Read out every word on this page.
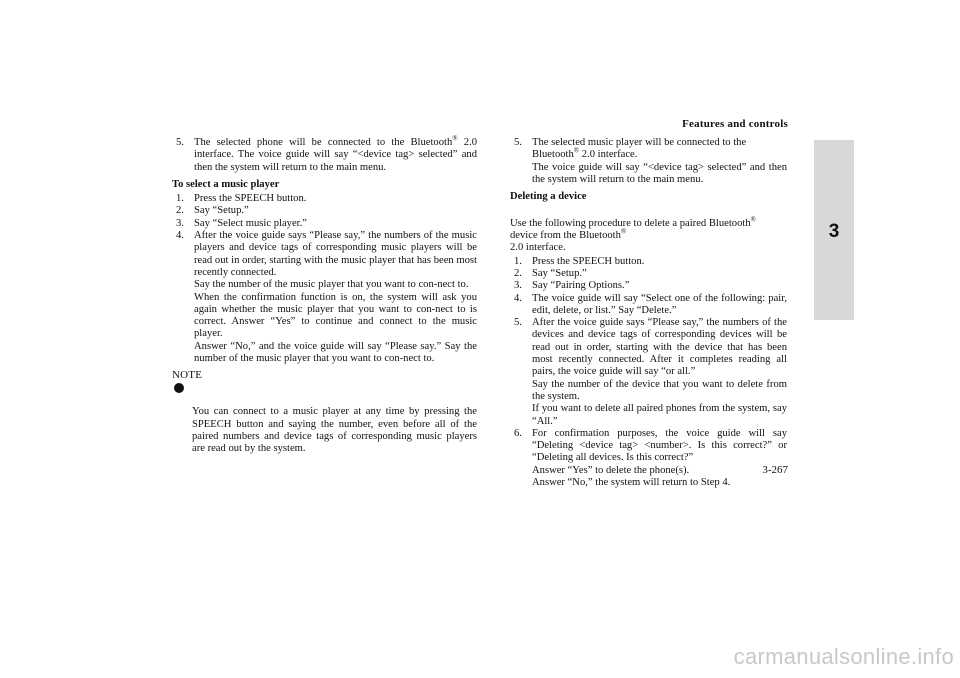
Features and controls
3
5. The selected phone will be connected to the Bluetooth® 2.0 interface. The voice guide will say “<device tag> selected” and then the system will return to the main menu.
To select a music player
1. Press the SPEECH button.
2. Say “Setup.”
3. Say “Select music player.”
4. After the voice guide says “Please say,” the numbers of the music players and device tags of corresponding music players will be read out in order, starting with the music player that has been most recently connected.
Say the number of the music player that you want to con-nect to.
When the confirmation function is on, the system will ask you again whether the music player that you want to con-nect to is correct. Answer “Yes” to continue and connect to the music player.
Answer “No,” and the voice guide will say “Please say.” Say the number of the music player that you want to con-nect to.
NOTE

You can connect to a music player at any time by pressing the SPEECH button and saying the number, even before all of the paired numbers and device tags of corresponding music players are read out by the system.

5. The selected music player will be connected to the
Bluetooth® 2.0 interface.
The voice guide will say “<device tag> selected” and then the system will return to the main menu.
Deleting a device

Use the following procedure to delete a paired Bluetooth®
device from the Bluetooth®
2.0 interface.

1. Press the SPEECH button.
2. Say “Setup.”
3. Say “Pairing Options.”
4. The voice guide will say “Select one of the following: pair, edit, delete, or list.” Say “Delete.”
5. After the voice guide says “Please say,” the numbers of the devices and device tags of corresponding devices will be read out in order, starting with the device that has been most recently connected. After it completes reading all pairs, the voice guide will say “or all.”
Say the number of the device that you want to delete from the system.
If you want to delete all paired phones from the system, say “All.”
6. For confirmation purposes, the voice guide will say “Deleting <device tag> <number>. Is this correct?” or “Deleting all devices. Is this correct?”
Answer “Yes” to delete the phone(s).
Answer “No,” the system will return to Step 4.
3-267
carmanualsonline.info
